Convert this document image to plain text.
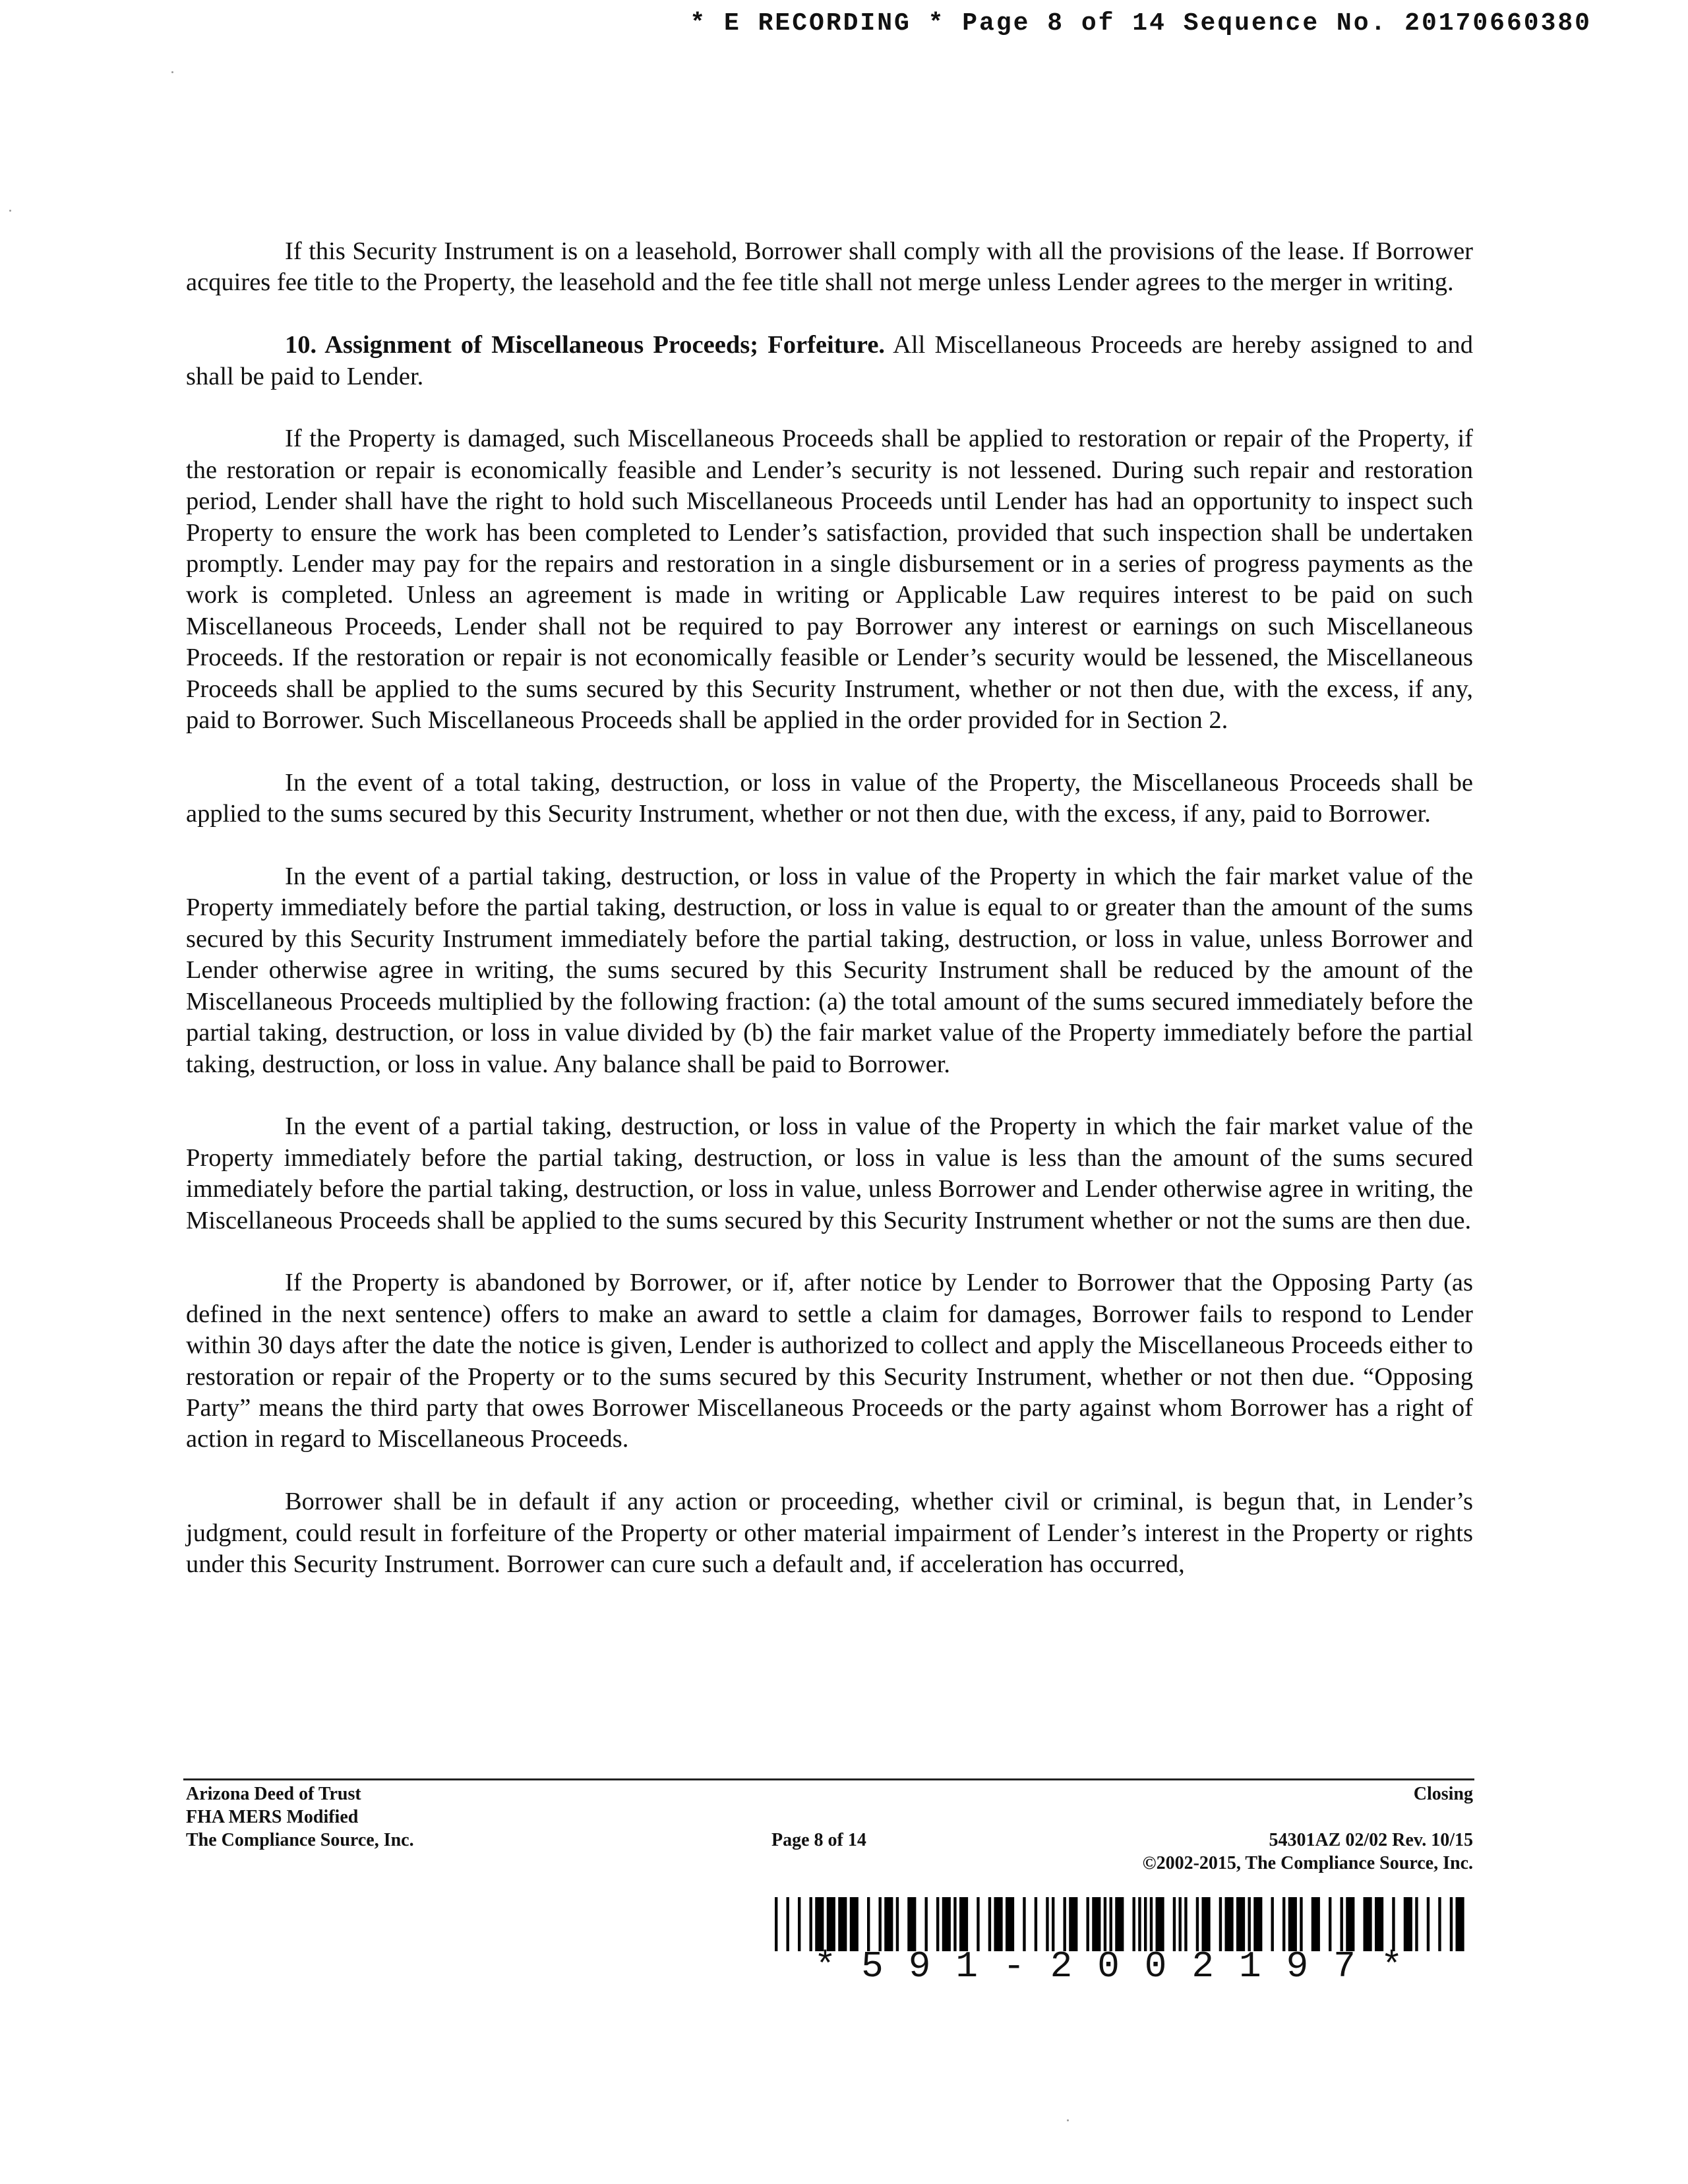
* E RECORDING * Page 8 of 14 Sequence No. 20170660380

If this Security Instrument is on a leasehold, Borrower shall comply with all the provisions of the lease. If Borrower acquires fee title to the Property, the leasehold and the fee title shall not merge unless Lender agrees to the merger in writing.

10. Assignment of Miscellaneous Proceeds; Forfeiture. All Miscellaneous Proceeds are hereby assigned to and shall be paid to Lender.

If the Property is damaged, such Miscellaneous Proceeds shall be applied to restoration or repair of the Property, if the restoration or repair is economically feasible and Lender’s security is not lessened. During such repair and restoration period, Lender shall have the right to hold such Miscellaneous Proceeds until Lender has had an opportunity to inspect such Property to ensure the work has been completed to Lender’s satisfaction, provided that such inspection shall be undertaken promptly. Lender may pay for the repairs and restoration in a single disbursement or in a series of progress payments as the work is completed. Unless an agreement is made in writing or Applicable Law requires interest to be paid on such Miscellaneous Proceeds, Lender shall not be required to pay Borrower any interest or earnings on such Miscellaneous Proceeds. If the restoration or repair is not economically feasible or Lender’s security would be lessened, the Miscellaneous Proceeds shall be applied to the sums secured by this Security Instrument, whether or not then due, with the excess, if any, paid to Borrower. Such Miscellaneous Proceeds shall be applied in the order provided for in Section 2.

In the event of a total taking, destruction, or loss in value of the Property, the Miscellaneous Proceeds shall be applied to the sums secured by this Security Instrument, whether or not then due, with the excess, if any, paid to Borrower.

In the event of a partial taking, destruction, or loss in value of the Property in which the fair market value of the Property immediately before the partial taking, destruction, or loss in value is equal to or greater than the amount of the sums secured by this Security Instrument immediately before the partial taking, destruction, or loss in value, unless Borrower and Lender otherwise agree in writing, the sums secured by this Security Instrument shall be reduced by the amount of the Miscellaneous Proceeds multiplied by the following fraction: (a) the total amount of the sums secured immediately before the partial taking, destruction, or loss in value divided by (b) the fair market value of the Property immediately before the partial taking, destruction, or loss in value. Any balance shall be paid to Borrower.

In the event of a partial taking, destruction, or loss in value of the Property in which the fair market value of the Property immediately before the partial taking, destruction, or loss in value is less than the amount of the sums secured immediately before the partial taking, destruction, or loss in value, unless Borrower and Lender otherwise agree in writing, the Miscellaneous Proceeds shall be applied to the sums secured by this Security Instrument whether or not the sums are then due.

If the Property is abandoned by Borrower, or if, after notice by Lender to Borrower that the Opposing Party (as defined in the next sentence) offers to make an award to settle a claim for damages, Borrower fails to respond to Lender within 30 days after the date the notice is given, Lender is authorized to collect and apply the Miscellaneous Proceeds either to restoration or repair of the Property or to the sums secured by this Security Instrument, whether or not then due. “Opposing Party” means the third party that owes Borrower Miscellaneous Proceeds or the party against whom Borrower has a right of action in regard to Miscellaneous Proceeds.

Borrower shall be in default if any action or proceeding, whether civil or criminal, is begun that, in Lender’s judgment, could result in forfeiture of the Property or other material impairment of Lender’s interest in the Property or rights under this Security Instrument. Borrower can cure such a default and, if acceleration has occurred,

Arizona Deed of Trust
FHA MERS Modified
The Compliance Source, Inc.	Page 8 of 14
Closing
54301AZ 02/02 Rev. 10/15
©2002-2015, The Compliance Source, Inc.
*591-2002197*
